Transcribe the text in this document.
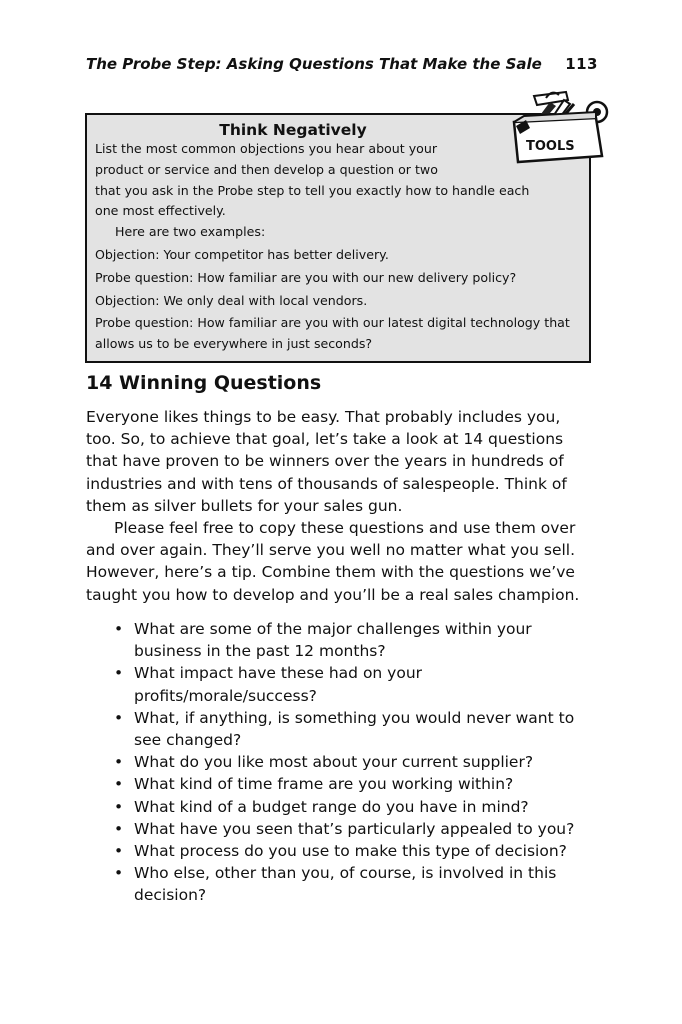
The Probe Step: Asking Questions That Make the Sale 113
Think Negatively

List the most common objections you hear about your

product or service and then develop a question or two

that you ask in the Probe step to tell you exactly how to handle each

one most effectively.

Here are two examples:

Objection: Your competitor has better delivery.

Probe question: How familiar are you with our new delivery policy?

Objection: We only deal with local vendors.

Probe question: How familiar are you with our latest digital technology that allows us to be everywhere in just seconds?

TOOLS
14 Winning Questions

Everyone likes things to be easy. That probably includes you, too. So, to achieve that goal, let’s take a look at 14 questions that have proven to be winners over the years in hundreds of industries and with tens of thousands of salespeople. Think of them as silver bullets for your sales gun.

Please feel free to copy these questions and use them over and over again. They’ll serve you well no matter what you sell. However, here’s a tip. Combine them with the questions we’ve taught you how to develop and you’ll be a real sales champion.

• What are some of the major challenges within your business in the past 12 months?
• What impact have these had on your profits/morale/success?
• What, if anything, is something you would never want to see changed?
• What do you like most about your current supplier?
• What kind of time frame are you working within?
• What kind of a budget range do you have in mind?
• What have you seen that’s particularly appealed to you?
• What process do you use to make this type of decision?
• Who else, other than you, of course, is involved in this decision?
